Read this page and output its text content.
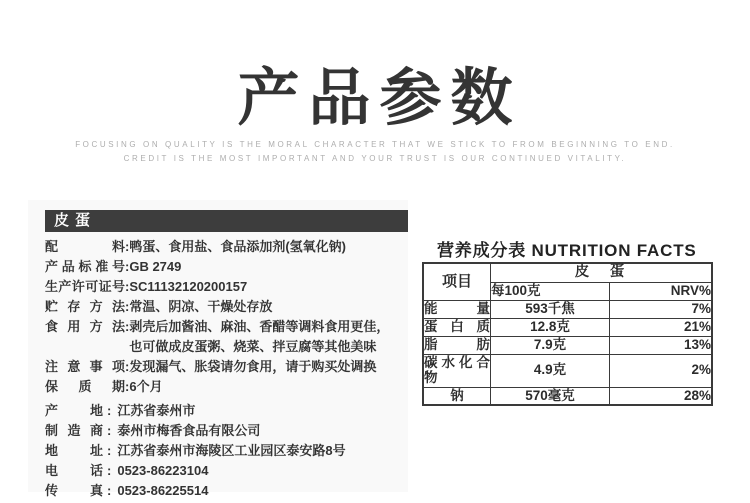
产品参数
FOCUSING ON QUALITY IS THE MORAL CHARACTER THAT WE STICK TO FROM BEGINNING TO END.
CREDIT IS THE MOST IMPORTANT AND YOUR TRUST IS OUR CONTINUED VITALITY.
皮蛋
配料 : 鸭蛋、食用盐、食品添加剂(氢氧化钠)
产品标准号 : GB 2749
生产许可证号 : SC11132120200157
贮存方法 : 常温、阴凉、干燥处存放
食用方法 : 剥壳后加酱油、麻油、香醋等调料食用更佳，也可做成皮蛋粥、烧菜、拌豆腐等其他美味
注意事项 : 发现漏气、胀袋请勿食用，请于购买处调换
保质期 : 6个月
产地 : 江苏省泰州市
制造商 : 泰州市梅香食品有限公司
地址 : 江苏省泰州市海陵区工业园区泰安路8号
电话 : 0523-86223104
传真 : 0523-86225514
营养成分表 NUTRITION FACTS
项目	皮　蛋	
	每100克	NRV%
能量	593千焦	7%
蛋白质	12.8克	21%
脂肪	7.9克	13%
碳水化合物	4.9克	2%
钠	570毫克	28%
